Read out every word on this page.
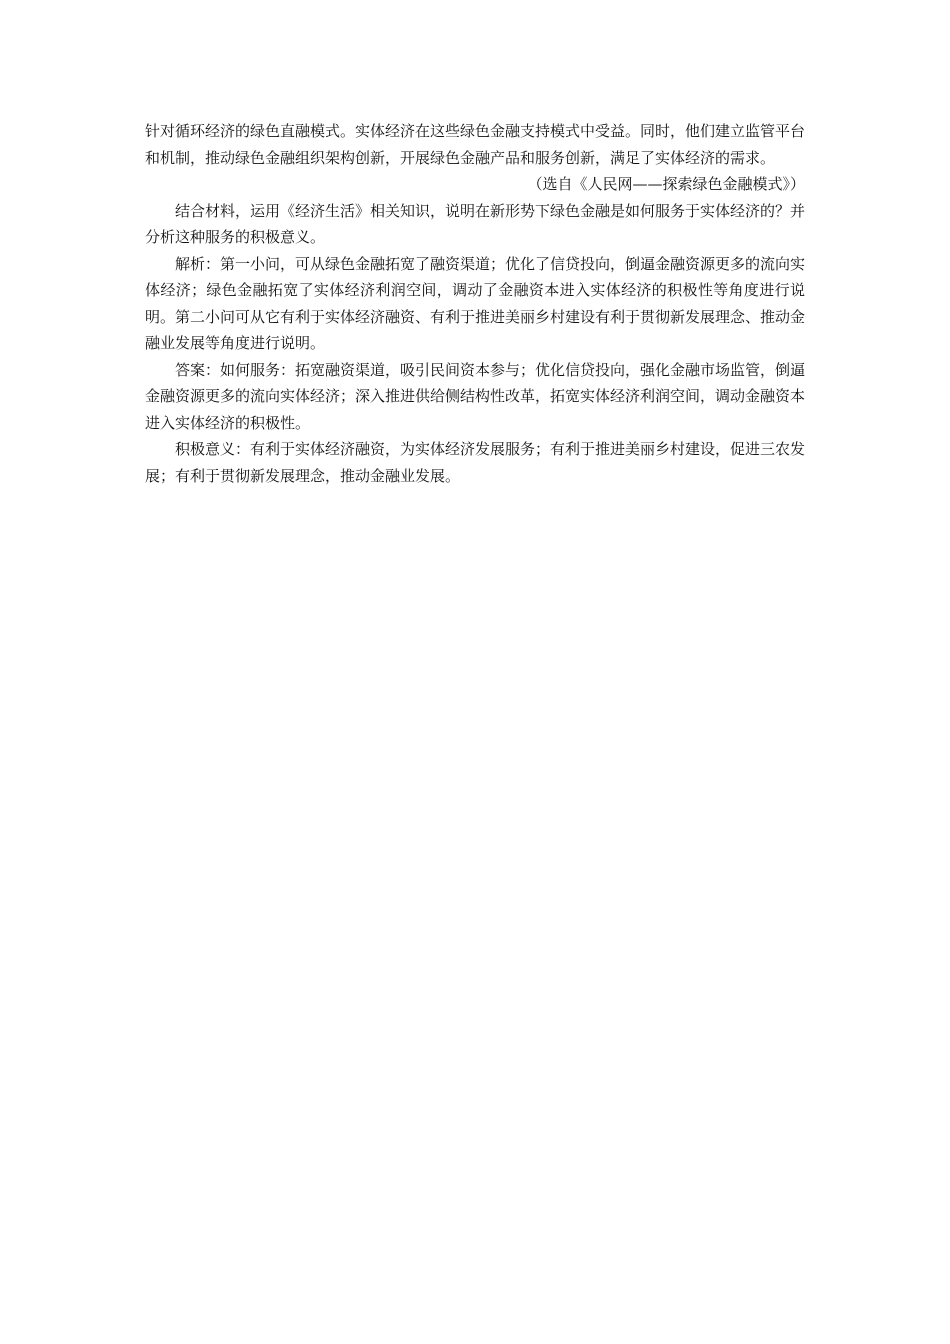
针对循环经济的绿色直融模式。实体经济在这些绿色金融支持模式中受益。同时，他们建立监管平台和机制，推动绿色金融组织架构创新，开展绿色金融产品和服务创新，满足了实体经济的需求。

（选自《人民网——探索绿色金融模式》）

结合材料，运用《经济生活》相关知识，说明在新形势下绿色金融是如何服务于实体经济的？并分析这种服务的积极意义。

解析：第一小问，可从绿色金融拓宽了融资渠道；优化了信贷投向，倒逼金融资源更多的流向实体经济；绿色金融拓宽了实体经济利润空间，调动了金融资本进入实体经济的积极性等角度进行说明。第二小问可从它有利于实体经济融资、有利于推进美丽乡村建设有利于贯彻新发展理念、推动金融业发展等角度进行说明。

答案：如何服务：拓宽融资渠道，吸引民间资本参与；优化信贷投向，强化金融市场监管，倒逼金融资源更多的流向实体经济；深入推进供给侧结构性改革，拓宽实体经济利润空间，调动金融资本进入实体经济的积极性。

积极意义：有利于实体经济融资，为实体经济发展服务；有利于推进美丽乡村建设，促进三农发展；有利于贯彻新发展理念，推动金融业发展。
